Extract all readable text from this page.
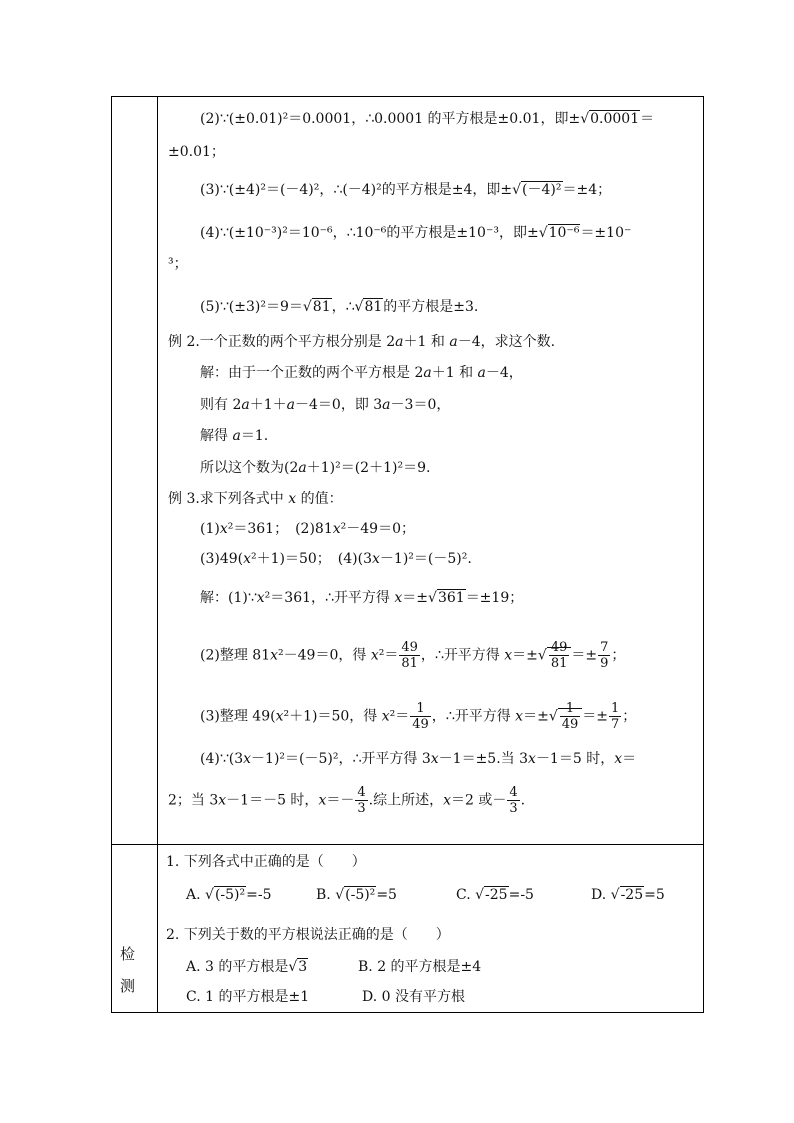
(2)∵(±0.01)²＝0.0001，∴0.0001 的平方根是±0.01，即±√0.0001＝
±0.01；
(3)∵(±4)²＝(－4)²，∴(－4)²的平方根是±4，即±√(－4)²＝±4；
(4)∵(±10⁻³)²＝10⁻⁶，∴10⁻⁶的平方根是±10⁻³，即±√10⁻⁶＝±10⁻
³；
(5)∵(±3)²＝9＝√81，∴√81的平方根是±3.
例 2.一个正数的两个平方根分别是 2a＋1 和 a－4，求这个数.
解：由于一个正数的两个平方根是 2a＋1 和 a－4，
则有 2a＋1＋a－4＝0，即 3a－3＝0，
解得 a＝1.
所以这个数为(2a＋1)²＝(2＋1)²＝9.
例 3.求下列各式中 x 的值：
(1)x²＝361；　(2)81x²－49＝0；
(3)49(x²＋1)＝50；　(4)(3x－1)²＝(－5)².
解：(1)∵x²＝361，∴开平方得 x＝±√361＝±19；
(2)整理 81x²－49＝0，得 $x^2= \frac{49}{81}$ ，∴开平方得 $x=\pm√ \frac{49}{81} =\pm \frac{7}{9}$ ；
(3)整理 49(x²＋1)＝50，得 $x^2= \frac{1}{49}$ ，∴开平方得 $x=\pm√ \frac{1}{49} =\pm \frac{1}{7}$ ；
(4)∵(3x－1)²＝(－5)²，∴开平方得 3x－1＝±5.当 3x－1＝5 时，x＝
2；当 3x－1＝－5 时，$x=- \frac{4}{3}$ .综上所述，x＝2 或－ $\frac{4}{3}$ .
检
测
1. 下列各式中正确的是（　　）
A. √(-5)²=-5	B. √(-5)²=5	C. √-25=-5	D. √-25=5
2. 下列关于数的平方根说法正确的是（　　）
A. 3 的平方根是√3	B. 2 的平方根是±4
C. 1 的平方根是±1	D. 0 没有平方根
